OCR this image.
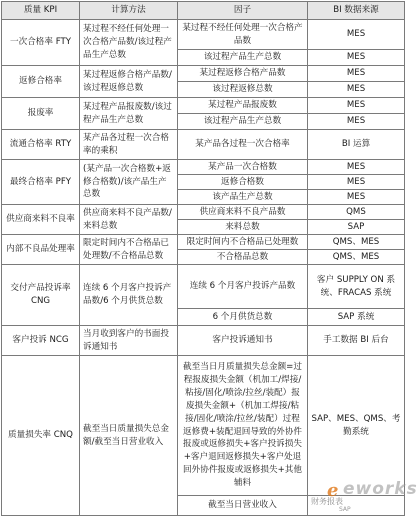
质量 KPI	计算方法	因子	BI 数据来源
一次合格率 FTY	某过程不经任何处理一次合格产品数/该过程产品生产总数	某过程不经任何处理一次合格产品数	MES
		该过程产品生产总数	MES
返修合格率	某过程返修合格产品数/该过程返修总数	某过程返修合格产品数	MES
		该过程返修总数	MES
报废率	某过程产品报废数/该过程产品生产总数	某过程产品报废数	MES
		该过程产品生产总数	MES
流通合格率 RTY	某产品各过程一次合格率的乘积	某产品各过程一次合格率	BI 运算
最终合格率 PFY	(某产品一次合格数+返修合格数)/该产品生产总数	某产品一次合格数	MES
		返修合格数	MES
		该产品生产总数	MES
供应商来料不良率	供应商来料不良产品数/来料总数	供应商来料不良产品数	QMS
		来料总数	SAP
内部不良品处理率	限定时间内不合格品已处理数/不合格品总数	限定时间内不合格品已处理数	QMS、MES
		不合格品总数	QMS、MES
交付产品投诉率 CNG	连续 6 个月客户投诉产品数/6 个月供货总数	连续 6 个月客户投诉产品数	客户 SUPPLY ON 系统、FRACAS 系统
		6 个月供货总数	SAP 系统
客户投诉 NCG	当月收到客户的书面投诉通知书	客户投诉通知书	手工数据 BI 后台
质量损失率 CNQ	截至当日质量损失总金额/截至当日营业收入	截至当日月质量损失总金额=过程报废损失金额（机加工/焊接/粘接/固化/喷涂/拉丝/装配）报废损失金额+（机加工焊接/粘接/固化/喷涂/拉丝/装配）过程返修费+装配退回导致的外协件报废或返修损失+客户投诉损失+客户退回返修损失+客户处退回外协件报废或返修损失+其他辅料	SAP、MES、QMS、考勤系统
		截至当日营业收入	
e eworks
财务报表
SAP
